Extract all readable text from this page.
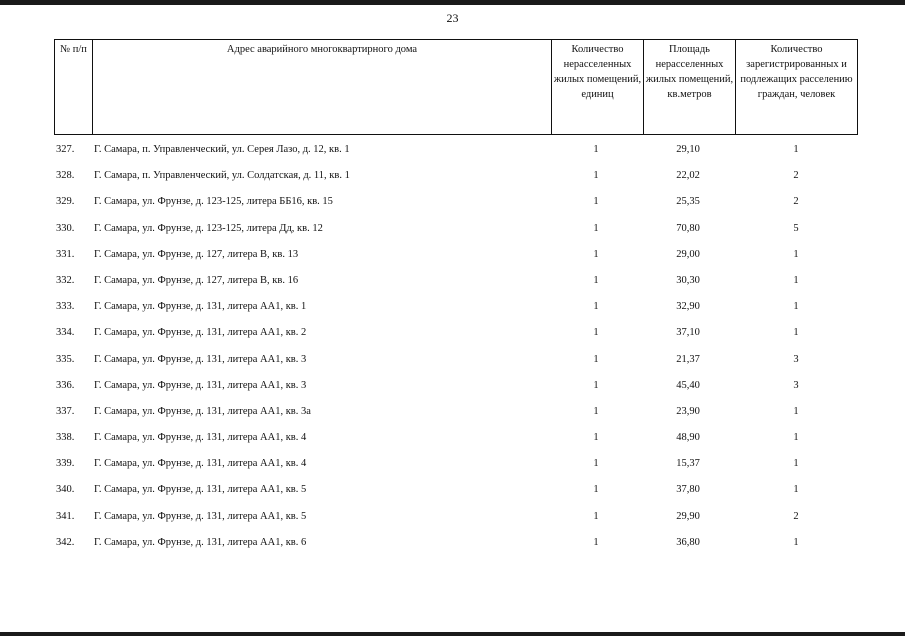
23
№ п/п	Адрес аварийного многоквартирного дома	Количество нерасселенных жилых помещений, единиц	Площадь нерасселенных жилых помещений, кв.метров	Количество зарегистрированных и подлежащих расселению граждан, человек
327. Г. Самара, п. Управленческий, ул. Серея Лазо, д. 12, кв. 1	1	29,10	1
328. Г. Самара, п. Управленческий, ул. Солдатская, д. 11, кв. 1	1	22,02	2
329. Г. Самара, ул. Фрунзе, д. 123-125, литера ББ16, кв. 15	1	25,35	2
330. Г. Самара, ул. Фрунзе, д. 123-125, литера Дд, кв. 12	1	70,80	5
331. Г. Самара, ул. Фрунзе, д. 127, литера В, кв. 13	1	29,00	1
332. Г. Самара, ул. Фрунзе, д. 127, литера В, кв. 16	1	30,30	1
333. Г. Самара, ул. Фрунзе, д. 131, литера АА1, кв. 1	1	32,90	1
334. Г. Самара, ул. Фрунзе, д. 131, литера АА1, кв. 2	1	37,10	1
335. Г. Самара, ул. Фрунзе, д. 131, литера АА1, кв. 3	1	21,37	3
336. Г. Самара, ул. Фрунзе, д. 131, литера АА1, кв. 3	1	45,40	3
337. Г. Самара, ул. Фрунзе, д. 131, литера АА1, кв. 3а	1	23,90	1
338. Г. Самара, ул. Фрунзе, д. 131, литера АА1, кв. 4	1	48,90	1
339. Г. Самара, ул. Фрунзе, д. 131, литера АА1, кв. 4	1	15,37	1
340. Г. Самара, ул. Фрунзе, д. 131, литера АА1, кв. 5	1	37,80	1
341. Г. Самара, ул. Фрунзе, д. 131, литера АА1, кв. 5	1	29,90	2
342. Г. Самара, ул. Фрунзе, д. 131, литера АА1, кв. 6	1	36,80	1
